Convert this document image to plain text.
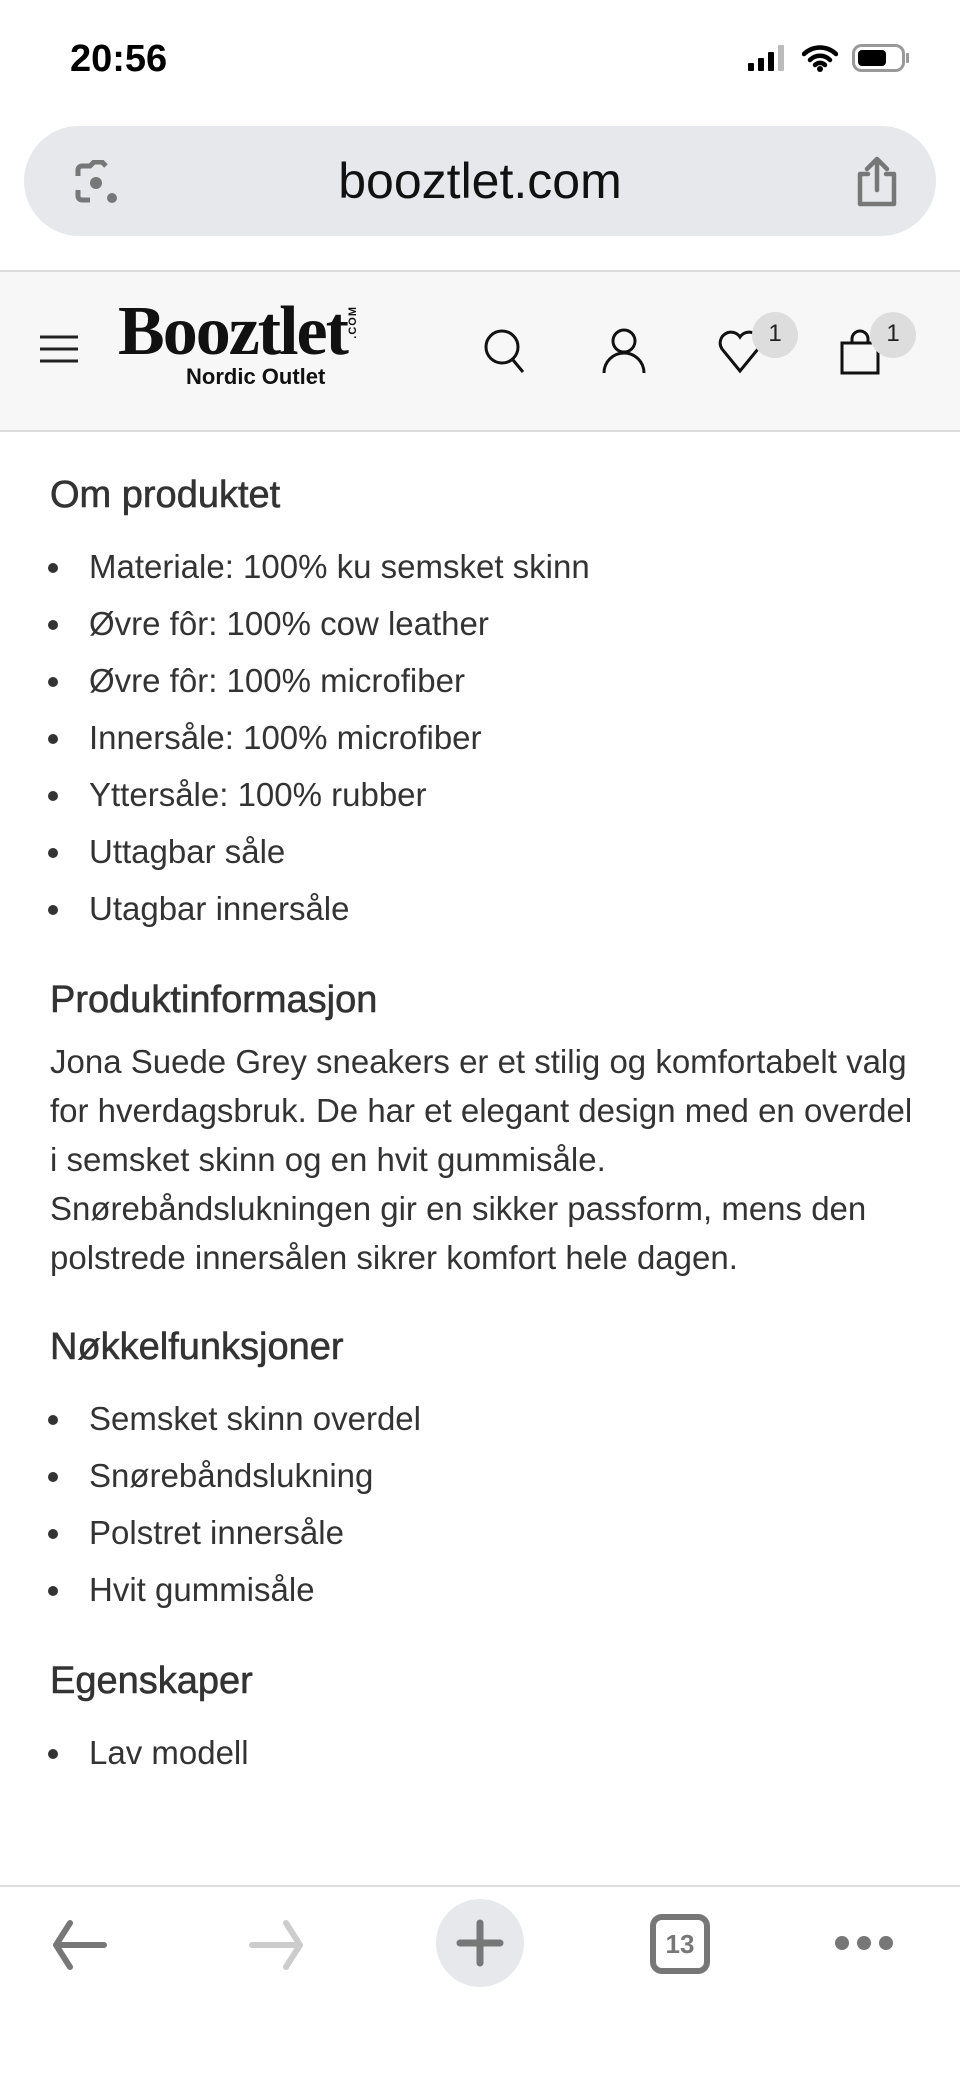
20:56
booztlet.com
Booztlet.COM
Nordic Outlet
1	1
Om produktet
Materiale: 100% ku semsket skinn
Øvre fôr: 100% cow leather
Øvre fôr: 100% microfiber
Innersåle: 100% microfiber
Yttersåle: 100% rubber
Uttagbar såle
Utagbar innersåle
Produktinformasjon

Jona Suede Grey sneakers er et stilig og komfortabelt valg for hverdagsbruk. De har et elegant design med en overdel i semsket skinn og en hvit gummisåle. Snørebåndslukningen gir en sikker passform, mens den polstrede innersålen sikrer komfort hele dagen.

Nøkkelfunksjoner
Semsket skinn overdel
Snørebåndslukning
Polstret innersåle
Hvit gummisåle
Egenskaper
Lav modell
13
